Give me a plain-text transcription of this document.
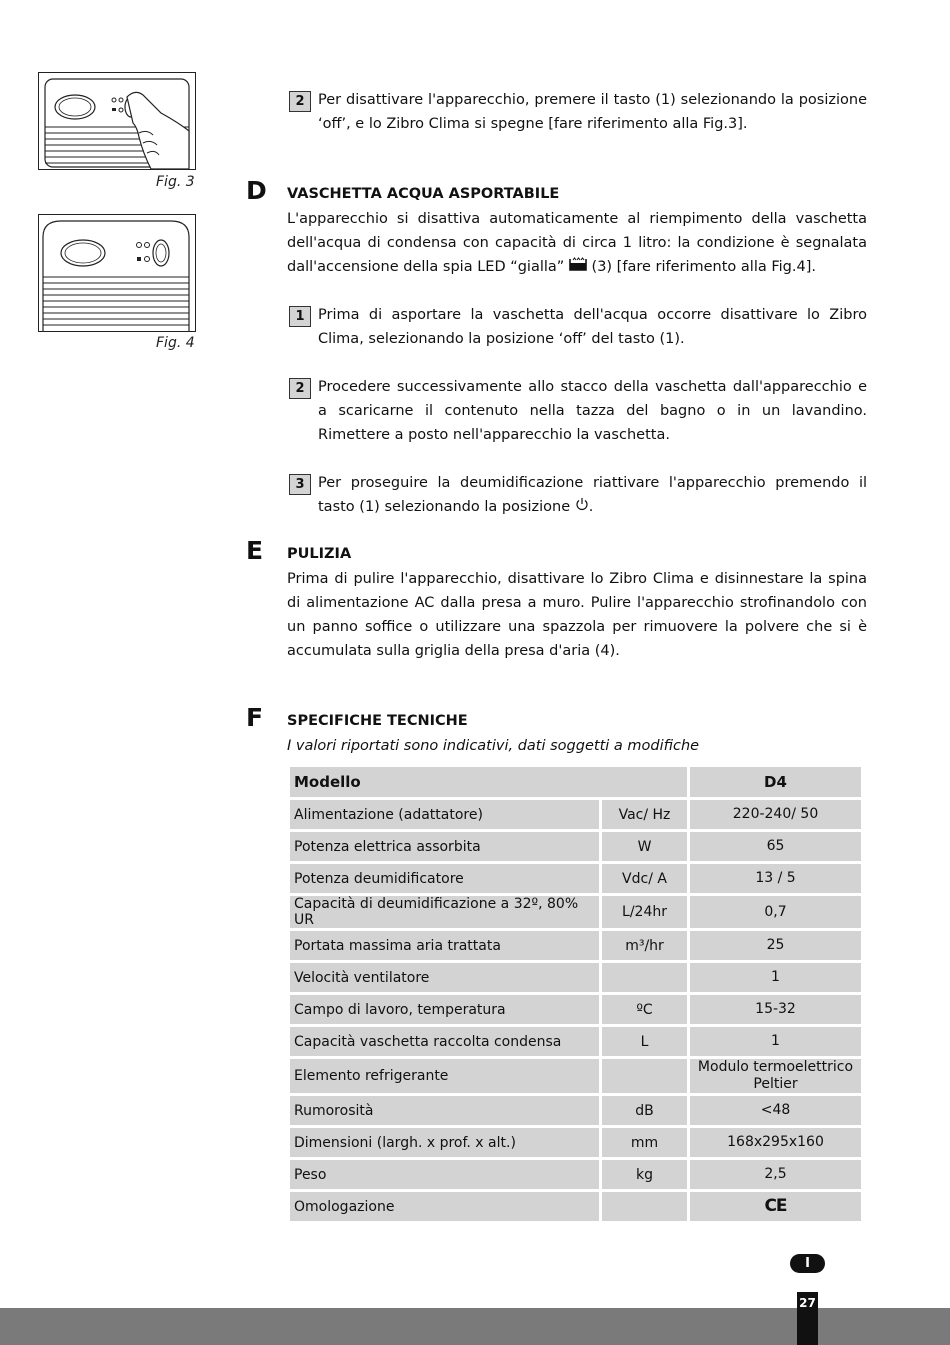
Fig. 3
Fig. 4
2 Per disattivare l'apparecchio, premere il tasto (1) selezionando la posizione ‘off’, e lo Zibro Clima si spegne [fare riferimento alla Fig.3].

D VASCHETTA ACQUA ASPORTABILE

L'apparecchio si disattiva automaticamente al riempimento della vaschetta dell'acqua di condensa con capacità di circa 1 litro: la condizione è segnalata dall'accensione della spia LED “gialla”  (3) [fare riferimento alla Fig.4].

1 Prima di asportare la vaschetta dell'acqua occorre disattivare lo Zibro Clima, selezionando la posizione ‘off’ del tasto (1).

2 Procedere successivamente allo stacco della vaschetta dall'apparecchio e a scaricarne il contenuto nella tazza del bagno o in un lavandino. Rimettere a posto nell'apparecchio la vaschetta.

3 Per proseguire la deumidificazione riattivare l'apparecchio premendo il tasto (1) selezionando la posizione .

E PULIZIA

Prima di pulire l'apparecchio, disattivare lo Zibro Clima e disinnestare la spina di alimentazione AC dalla presa a muro. Pulire l'apparecchio strofinandolo con un panno soffice o utilizzare una spazzola per rimuovere la polvere che si è accumulata sulla griglia della presa d'aria (4).

F SPECIFICHE TECNICHE
I valori riportati sono indicativi, dati soggetti a modifiche
Modello		D4
Alimentazione (adattatore)	Vac/ Hz	220-240/ 50
Potenza elettrica assorbita	W	65
Potenza deumidificatore	Vdc/ A	13 / 5
Capacità di deumidificazione a 32º, 80% UR	L/24hr	0,7
Portata massima aria trattata	m³/hr	25
Velocità ventilatore		1
Campo di lavoro, temperatura	ºC	15-32
Capacità vaschetta raccolta condensa	L	1
Elemento refrigerante		Modulo termoelettrico Peltier
Rumorosità	dB	<48
Dimensioni (largh. x prof. x alt.)	mm	168x295x160
Peso	kg	2,5
Omologazione		CE
I
27
